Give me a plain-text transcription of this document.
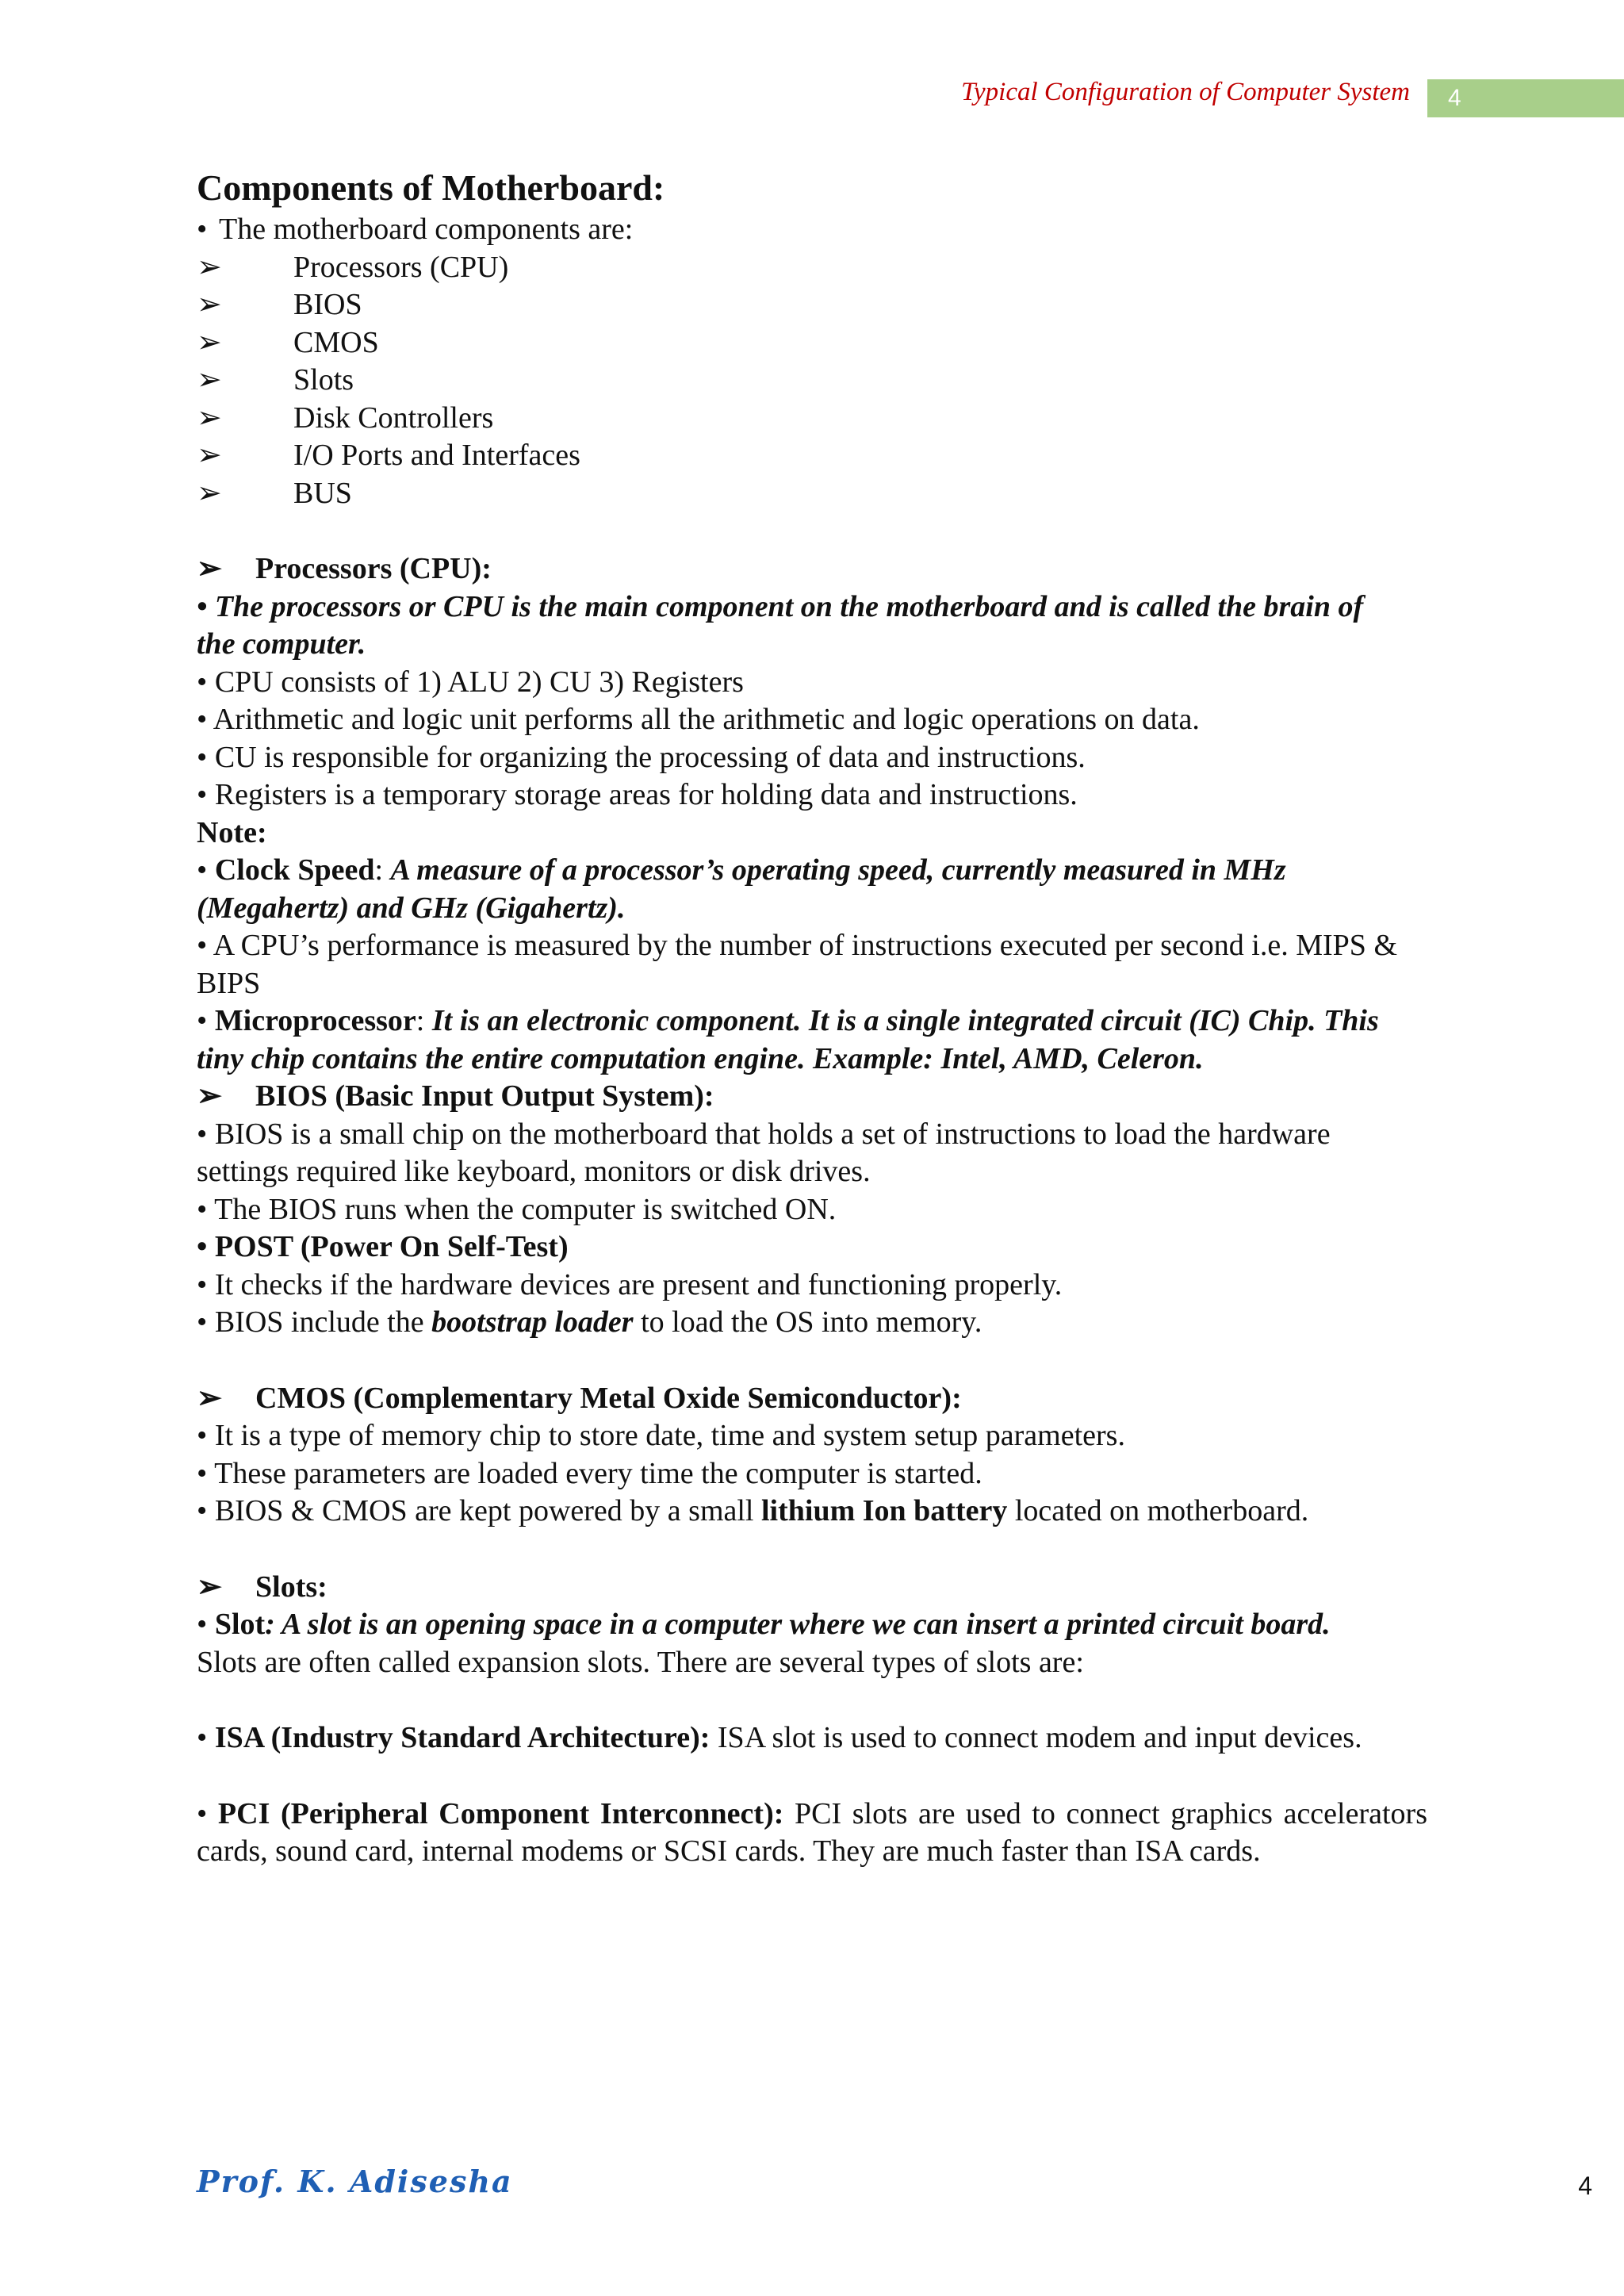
Typical Configuration of Computer System	4
Components of Motherboard:
• The motherboard components are:
➢ Processors (CPU)
➢ BIOS
➢ CMOS
➢ Slots
➢ Disk Controllers
➢ I/O Ports and Interfaces
➢ BUS
➢ Processors (CPU):
• The processors or CPU is the main component on the motherboard and is called the brain of
the computer.
• CPU consists of 1) ALU 2) CU 3) Registers
• Arithmetic and logic unit performs all the arithmetic and logic operations on data.
• CU is responsible for organizing the processing of data and instructions.
• Registers is a temporary storage areas for holding data and instructions.
Note:
• Clock Speed: A measure of a processor’s operating speed, currently measured in MHz (Megahertz) and GHz (Gigahertz).
• A CPU’s performance is measured by the number of instructions executed per second i.e. MIPS & BIPS
• Microprocessor: It is an electronic component. It is a single integrated circuit (IC) Chip. This tiny chip contains the entire computation engine. Example: Intel, AMD, Celeron.
➢ BIOS (Basic Input Output System):
• BIOS is a small chip on the motherboard that holds a set of instructions to load the hardware
settings required like keyboard, monitors or disk drives.
• The BIOS runs when the computer is switched ON.
• POST (Power On Self-Test)
• It checks if the hardware devices are present and functioning properly.
• BIOS include the bootstrap loader to load the OS into memory.
➢ CMOS (Complementary Metal Oxide Semiconductor):
• It is a type of memory chip to store date, time and system setup parameters.
• These parameters are loaded every time the computer is started.
• BIOS & CMOS are kept powered by a small lithium Ion battery located on motherboard.
➢ Slots:
• Slot: A slot is an opening space in a computer where we can insert a printed circuit board.
Slots are often called expansion slots. There are several types of slots are:
• ISA (Industry Standard Architecture): ISA slot is used to connect modem and input devices.
• PCI (Peripheral Component Interconnect): PCI slots are used to connect graphics accelerators cards, sound card, internal modems or SCSI cards. They are much faster than ISA cards.
Prof. K. Adisesha	4
